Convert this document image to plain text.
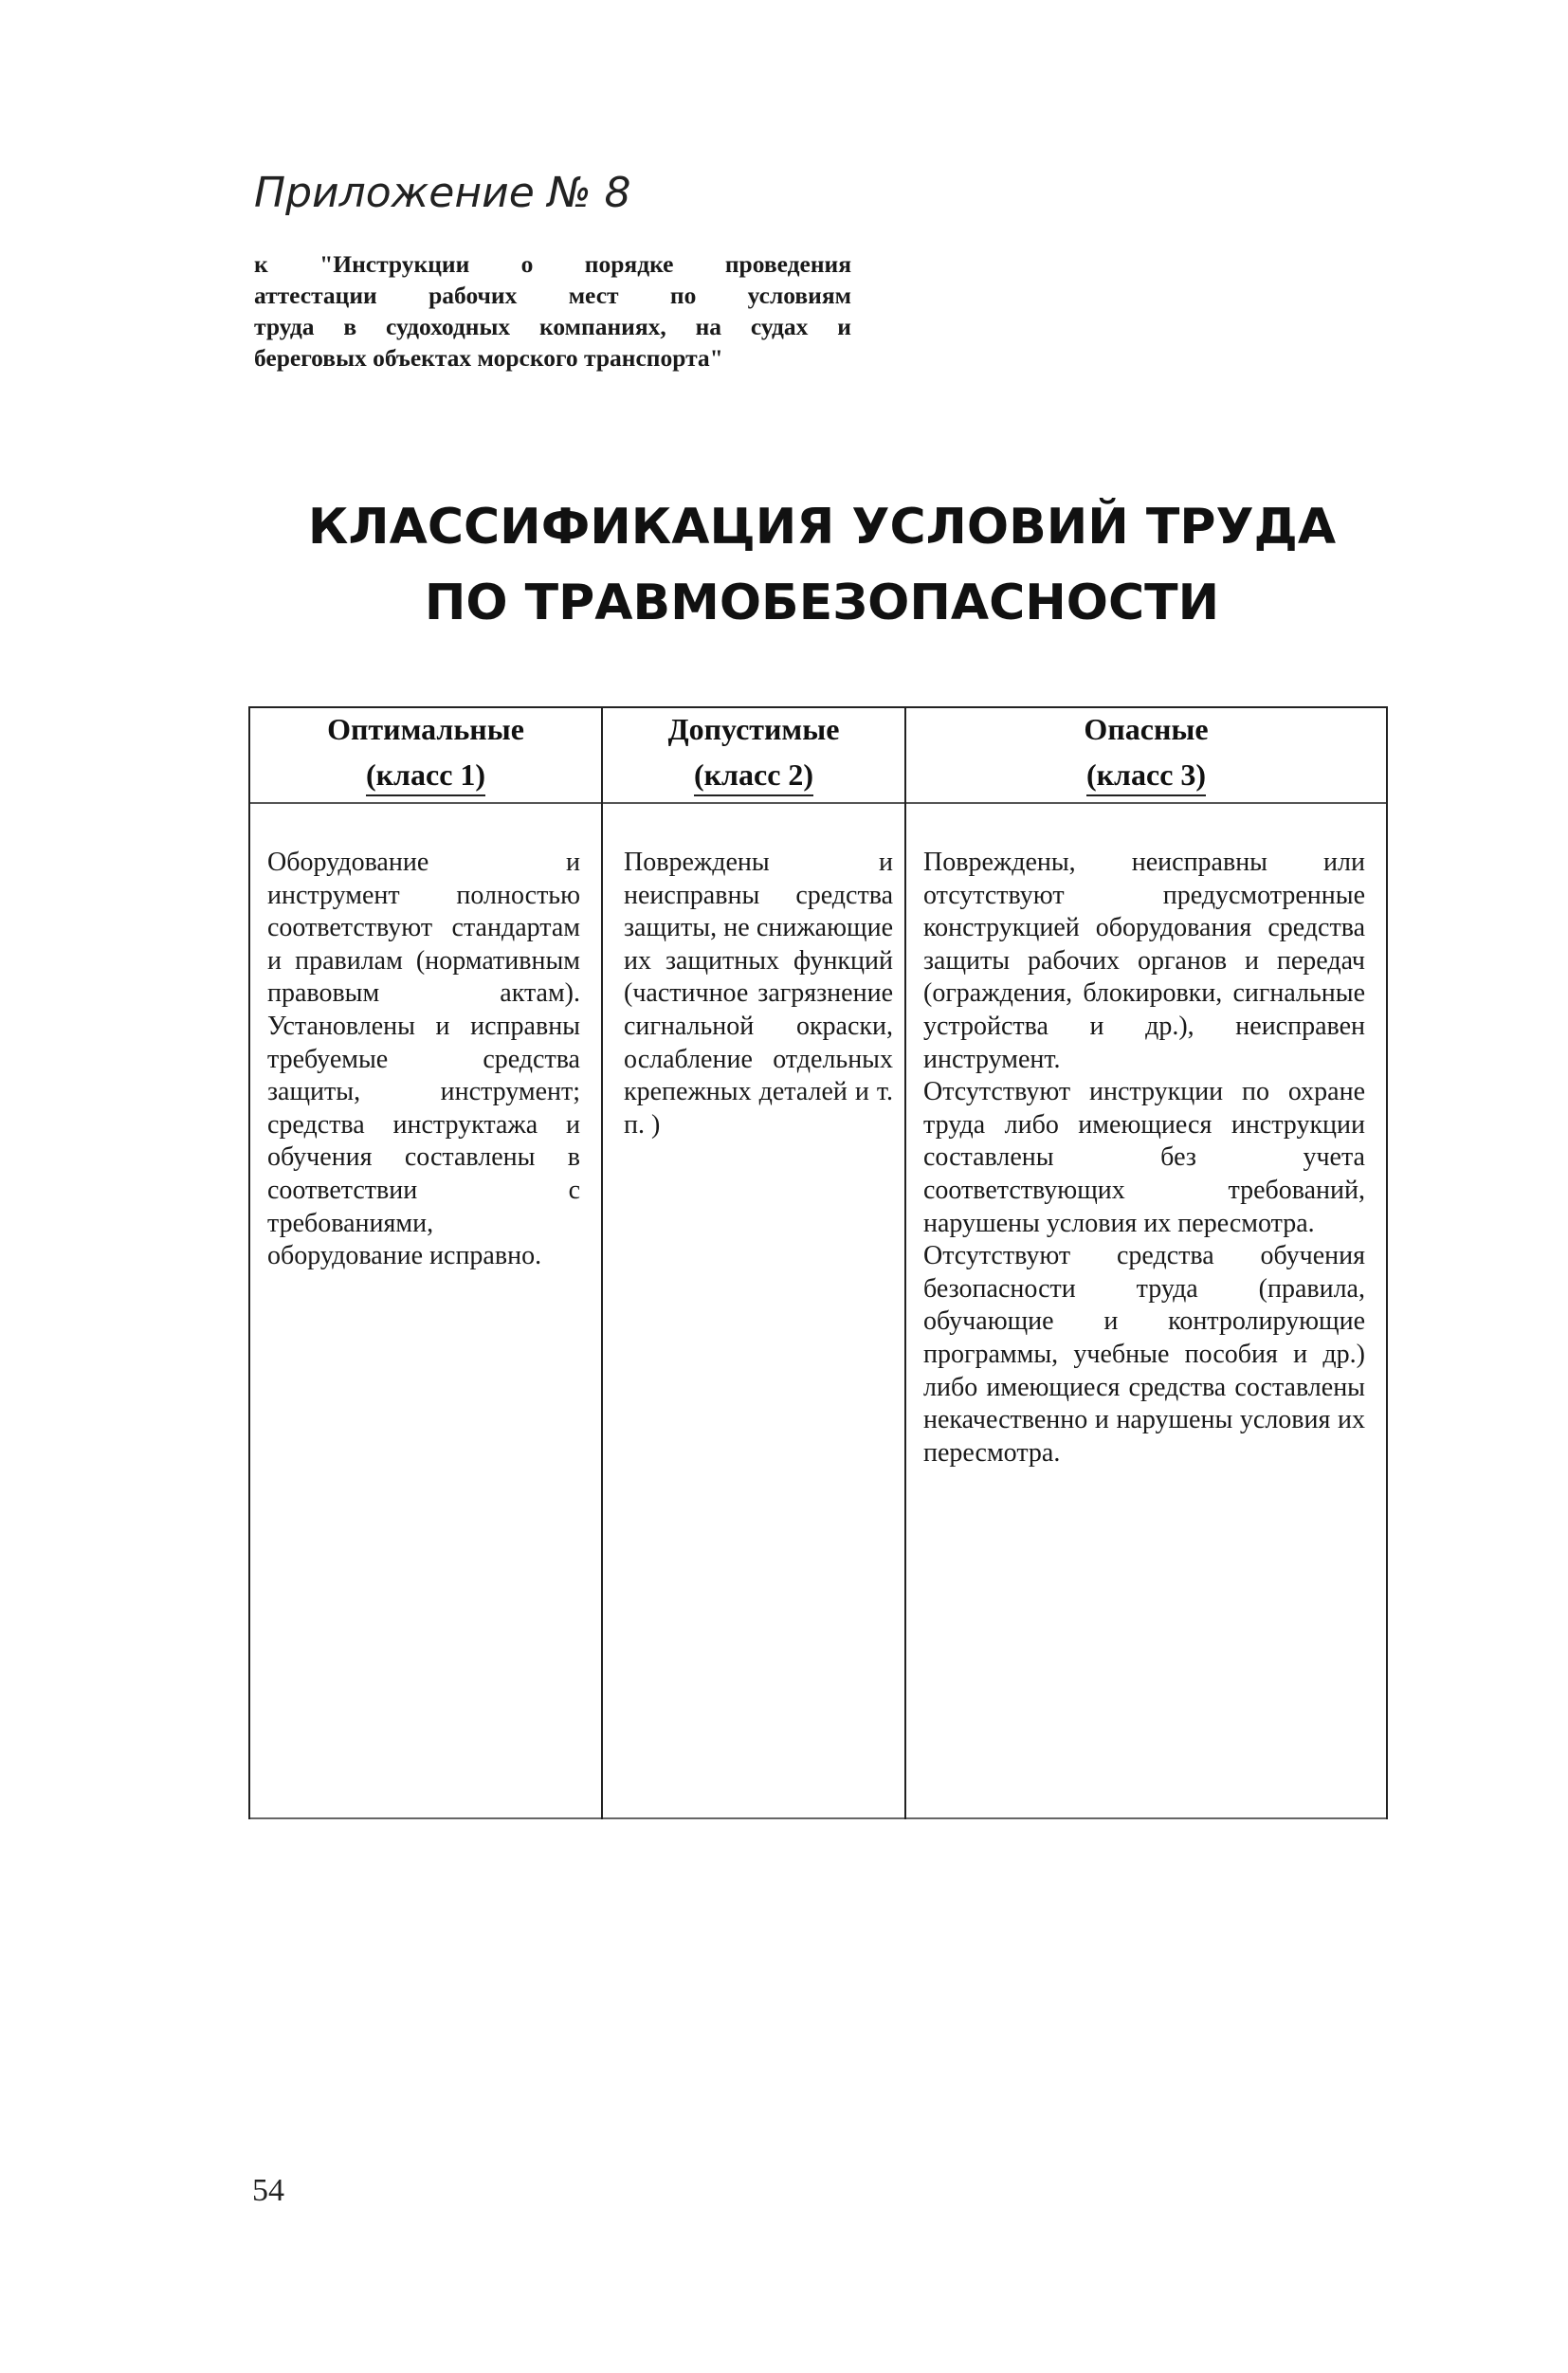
Приложение № 8
к "Инструкции о порядке проведения
аттестации рабочих мест по условиям
труда в судоходных компаниях, на судах и
береговых объектах морского транспорта"
КЛАССИФИКАЦИЯ УСЛОВИЙ ТРУДА
ПО ТРАВМОБЕЗОПАСНОСТИ
Оптимальные
(класс 1)
Допустимые
(класс 2)
Опасные
(класс 3)

Оборудование и инструмент полностью соответствуют стандартам и правилам (нормативным правовым актам). Установлены и исправны требуемые средства защиты, инструмент; средства инструктажа и обучения составлены в соответствии с требованиями, оборудование исправно.

Повреждены и неисправны средства защиты, не снижающие их защитных функций (частичное загрязнение сигнальной окраски, ослабление отдельных крепежных деталей и т. п. )

Повреждены, неисправны или отсутствуют предусмотренные конструкцией оборудования средства защиты рабочих органов и передач (ограждения, блокировки, сигнальные устройства и др.), неисправен инструмент.

Отсутствуют инструкции по охране труда либо имеющиеся инструкции составлены без учета соответствующих требований, нарушены условия их пересмотра.

Отсутствуют средства обучения безопасности труда (правила, обучающие и контролирующие программы, учебные пособия и др.) либо имеющиеся средства составлены некачественно и нарушены условия их пересмотра.

54
